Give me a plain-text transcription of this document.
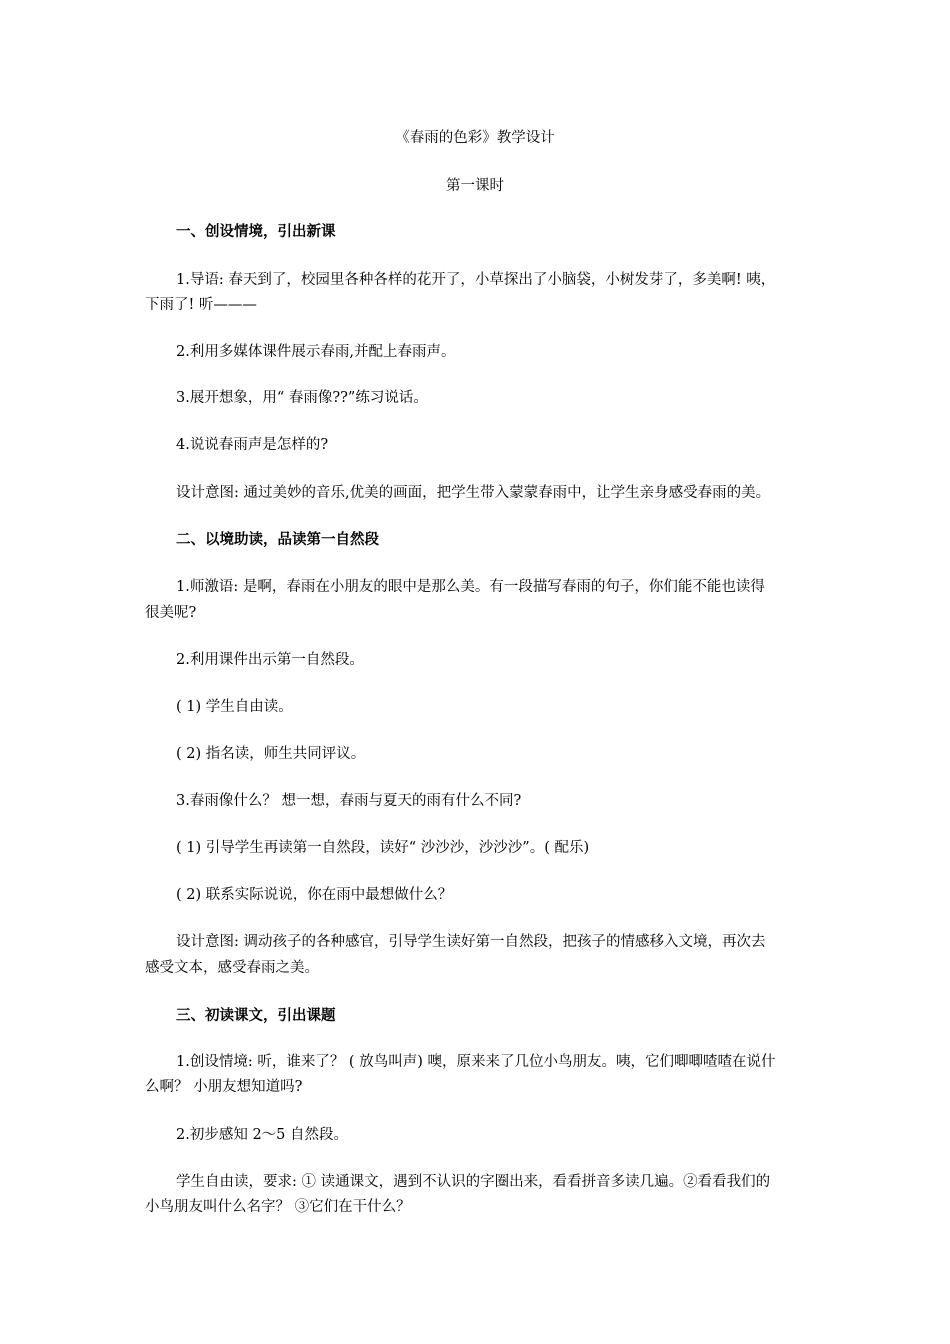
《春雨的色彩》教学设计
第一课时
一、创设情境，引出新课
1.导语: 春天到了，校园里各种各样的花开了，小草探出了小脑袋，小树发芽了，多美啊! 咦，
下雨了! 听———
2.利用多媒体课件展示春雨,并配上春雨声。
3.展开想象，用“ 春雨像??”练习说话。
4.说说春雨声是怎样的?
设计意图: 通过美妙的音乐,优美的画面，把学生带入蒙蒙春雨中，让学生亲身感受春雨的美。
二、以境助读，品读第一自然段
1.师激语: 是啊，春雨在小朋友的眼中是那么美。有一段描写春雨的句子，你们能不能也读得
很美呢?
2.利用课件出示第一自然段。
( 1) 学生自由读。
( 2) 指名读，师生共同评议。
3.春雨像什么？ 想一想，春雨与夏天的雨有什么不同?
( 1) 引导学生再读第一自然段，读好“ 沙沙沙，沙沙沙”。( 配乐)
( 2) 联系实际说说，你在雨中最想做什么？
设计意图: 调动孩子的各种感官，引导学生读好第一自然段，把孩子的情感移入文境，再次去
感受文本，感受春雨之美。
三、初读课文，引出课题
1.创设情境: 听，谁来了？ ( 放鸟叫声) 噢，原来来了几位小鸟朋友。咦，它们唧唧喳喳在说什
么啊？ 小朋友想知道吗?
2.初步感知 2～5 自然段。
学生自由读，要求: ① 读通课文，遇到不认识的字圈出来，看看拼音多读几遍。②看看我们的
小鸟朋友叫什么名字？ ③它们在干什么？
